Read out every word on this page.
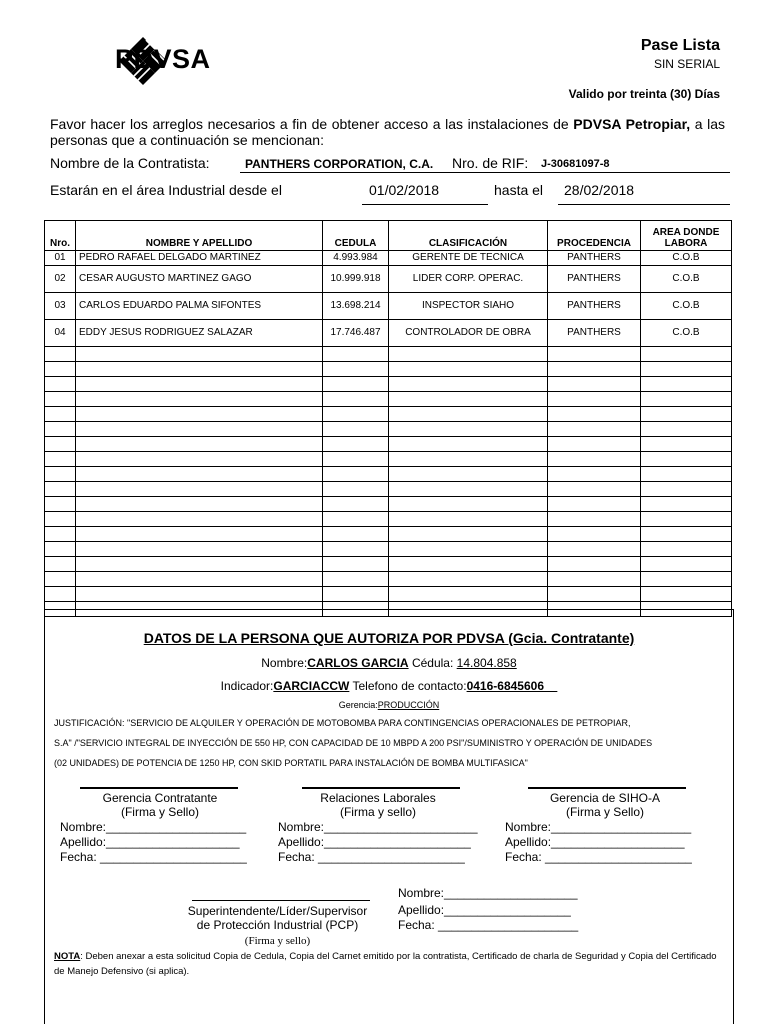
PDVSA	Pase Lista
SIN SERIAL
Valido por treinta (30) Días
Favor hacer los arreglos necesarios a fin de obtener acceso a las instalaciones de PDVSA Petropiar, a las personas que a continuación se mencionan:
Nombre de la Contratista:	PANTHERS CORPORATION, C.A. Nro. de RIF: J-30681097-8
Estarán en el área Industrial desde el	01/02/2018	hasta el 28/02/2018
Nro.	NOMBRE Y APELLIDO	CEDULA	CLASIFICACIÓN	PROCEDENCIA	AREA DONDE LABORA
01	PEDRO RAFAEL DELGADO MARTINEZ	4.993.984	GERENTE DE TECNICA	PANTHERS	C.O.B
02	CESAR AUGUSTO MARTINEZ GAGO	10.999.918	LIDER CORP. OPERAC.	PANTHERS	C.O.B
03	CARLOS EDUARDO PALMA SIFONTES	13.698.214	INSPECTOR SIAHO	PANTHERS	C.O.B
04	EDDY JESUS RODRIGUEZ SALAZAR	17.746.487	CONTROLADOR DE OBRA	PANTHERS	C.O.B

DATOS DE LA PERSONA QUE AUTORIZA POR PDVSA (Gcia. Contratante)
Nombre:CARLOS GARCIA Cédula: 14.804.858
Indicador:GARCIACCW Telefono de contacto:0416-6845606
Gerencia:PRODUCCIÓN
JUSTIFICACIÓN: "SERVICIO DE ALQUILER Y OPERACIÓN DE MOTOBOMBA PARA CONTINGENCIAS OPERACIONALES DE PETROPIAR,
S.A" /"SERVICIO INTEGRAL DE INYECCIÓN DE 550 HP, CON CAPACIDAD DE 10 MBPD A 200 PSI"/SUMINISTRO Y OPERACIÓN DE UNIDADES
(02 UNIDADES) DE POTENCIA DE 1250 HP, CON SKID PORTATIL PARA INSTALACIÓN DE BOMBA MULTIFASICA"
Gerencia Contratante
(Firma y Sello)
Nombre:_____________________
Apellido:____________________
Fecha: ______________________
Relaciones Laborales
(Firma y sello)
Nombre:_______________________
Apellido:______________________
Fecha: ______________________
Gerencia de SIHO-A
(Firma y Sello)
Nombre:_____________________
Apellido:____________________
Fecha: ______________________
Superintendente/Líder/Supervisor
de Protección Industrial (PCP)
(Firma y sello)
Nombre:____________________
Apellido:___________________
Fecha: _____________________
NOTA: Deben anexar a esta solicitud Copia de Cedula, Copia del Carnet emitido por la contratista, Certificado de charla de Seguridad y Copia del Certificado de Manejo Defensivo (si aplica).
